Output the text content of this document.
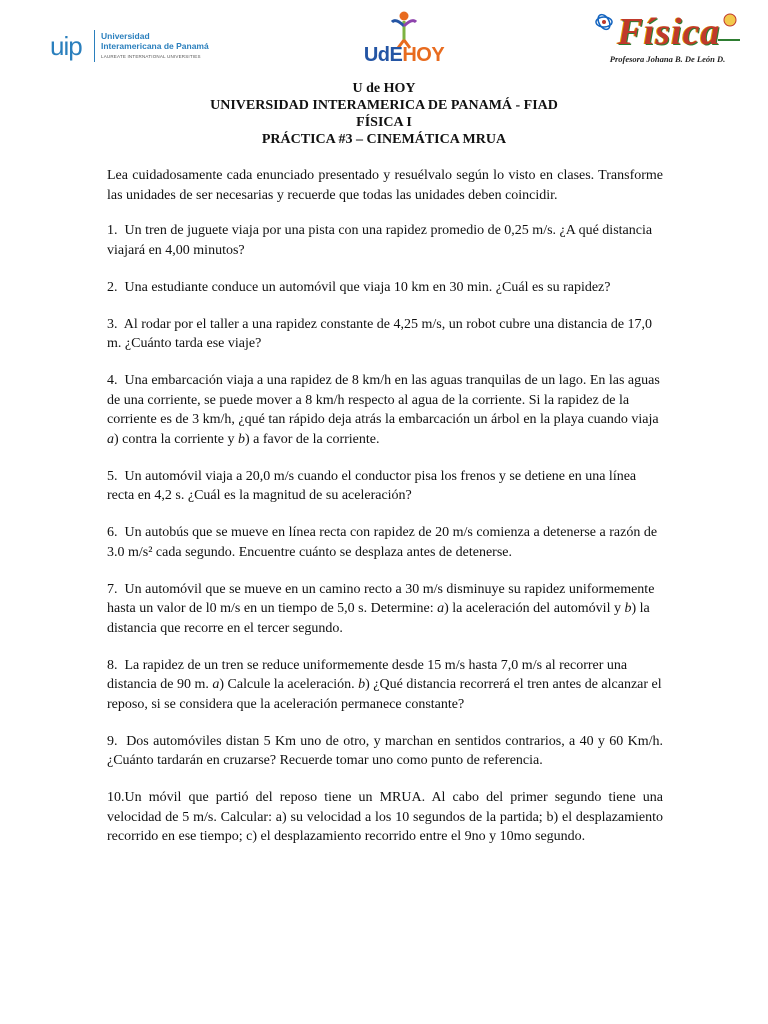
uip	Universidad
Interamericana de Panamá
LAUREATE INTERNATIONAL UNIVERSITIES	UdEHOY
Física
Profesora Johana B. De León D.
U de HOY
UNIVERSIDAD INTERAMERICA DE PANAMÁ - FIAD
FÍSICA I
PRÁCTICA #3 – CINEMÁTICA MRUA

Lea cuidadosamente cada enunciado presentado y resuélvalo según lo visto en clases. Transforme las unidades de ser necesarias y recuerde que todas las unidades deben coincidir.

1.  Un tren de juguete viaja por una pista con una rapidez promedio de 0,25 m/s. ¿A qué distancia viajará en 4,00 minutos?

2.  Una estudiante conduce un automóvil que viaja 10 km en 30 min. ¿Cuál es su rapidez?

3.  Al rodar por el taller a una rapidez constante de 4,25 m/s, un robot cubre una distancia de 17,0 m. ¿Cuánto tarda ese viaje?

4.  Una embarcación viaja a una rapidez de 8 km/h en las aguas tranquilas de un lago. En las aguas de una corriente, se puede mover a 8 km/h respecto al agua de la corriente. Si la rapidez de la corriente es de 3 km/h, ¿qué tan rápido deja atrás la embarcación un árbol en la playa cuando viaja a) contra la corriente y b) a favor de la corriente.

5.  Un automóvil viaja a 20,0 m/s cuando el conductor pisa los frenos y se detiene en una línea recta en 4,2 s. ¿Cuál es la magnitud de su aceleración?

6.  Un autobús que se mueve en línea recta con rapidez de 20 m/s comienza a detenerse a razón de 3.0 m/s² cada segundo. Encuentre cuánto se desplaza antes de detenerse.

7.  Un automóvil que se mueve en un camino recto a 30 m/s disminuye su rapidez uniformemente hasta un valor de l0 m/s en un tiempo de 5,0 s. Determine: a) la aceleración del automóvil y b) la distancia que recorre en el tercer segundo.

8.  La rapidez de un tren se reduce uniformemente desde 15 m/s hasta 7,0 m/s al recorrer una distancia de 90 m. a) Calcule la aceleración. b) ¿Qué distancia recorrerá el tren antes de alcanzar el reposo, si se considera que la aceleración permanece constante?

9.  Dos automóviles distan 5 Km uno de otro, y marchan en sentidos contrarios, a 40 y 60 Km/h. ¿Cuánto tardarán en cruzarse? Recuerde tomar uno como punto de referencia.

10.Un móvil que partió del reposo tiene un MRUA. Al cabo del primer segundo tiene una velocidad de 5 m/s. Calcular: a) su velocidad a los 10 segundos de la partida; b) el desplazamiento recorrido en ese tiempo; c) el desplazamiento recorrido entre el 9no y 10mo segundo.
